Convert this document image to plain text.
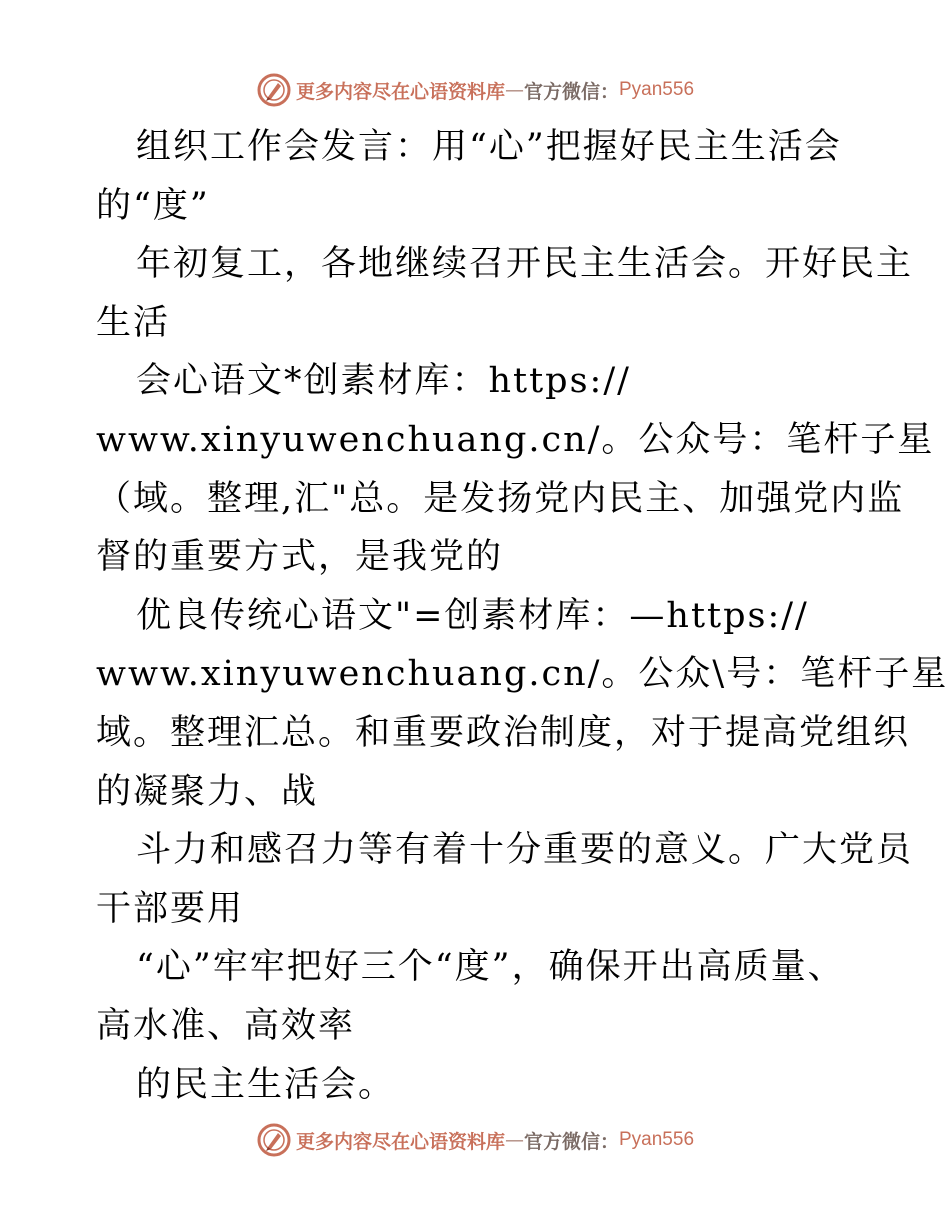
更多内容尽在心语资料库 — 官方微信： Pyan556
组织工作会发言：用“心”把握好民主生活会
的“度”
年初复工，各地继续召开民主生活会。开好民主
生活
会心语文*创素材库：https://
www.xinyuwenchuang.cn/。公众号：笔杆子星
（域。整理,汇"总。是发扬党内民主、加强党内监
督的重要方式，是我党的
优良传统心语文"=创素材库：—https://
www.xinyuwenchuang.cn/。公众\号：笔杆子星
域。整理汇总。和重要政治制度，对于提高党组织
的凝聚力、战
斗力和感召力等有着十分重要的意义。广大党员
干部要用
“心”牢牢把好三个“度”，确保开出高质量、
高水准、高效率
的民主生活会。
更多内容尽在心语资料库 — 官方微信： Pyan556
